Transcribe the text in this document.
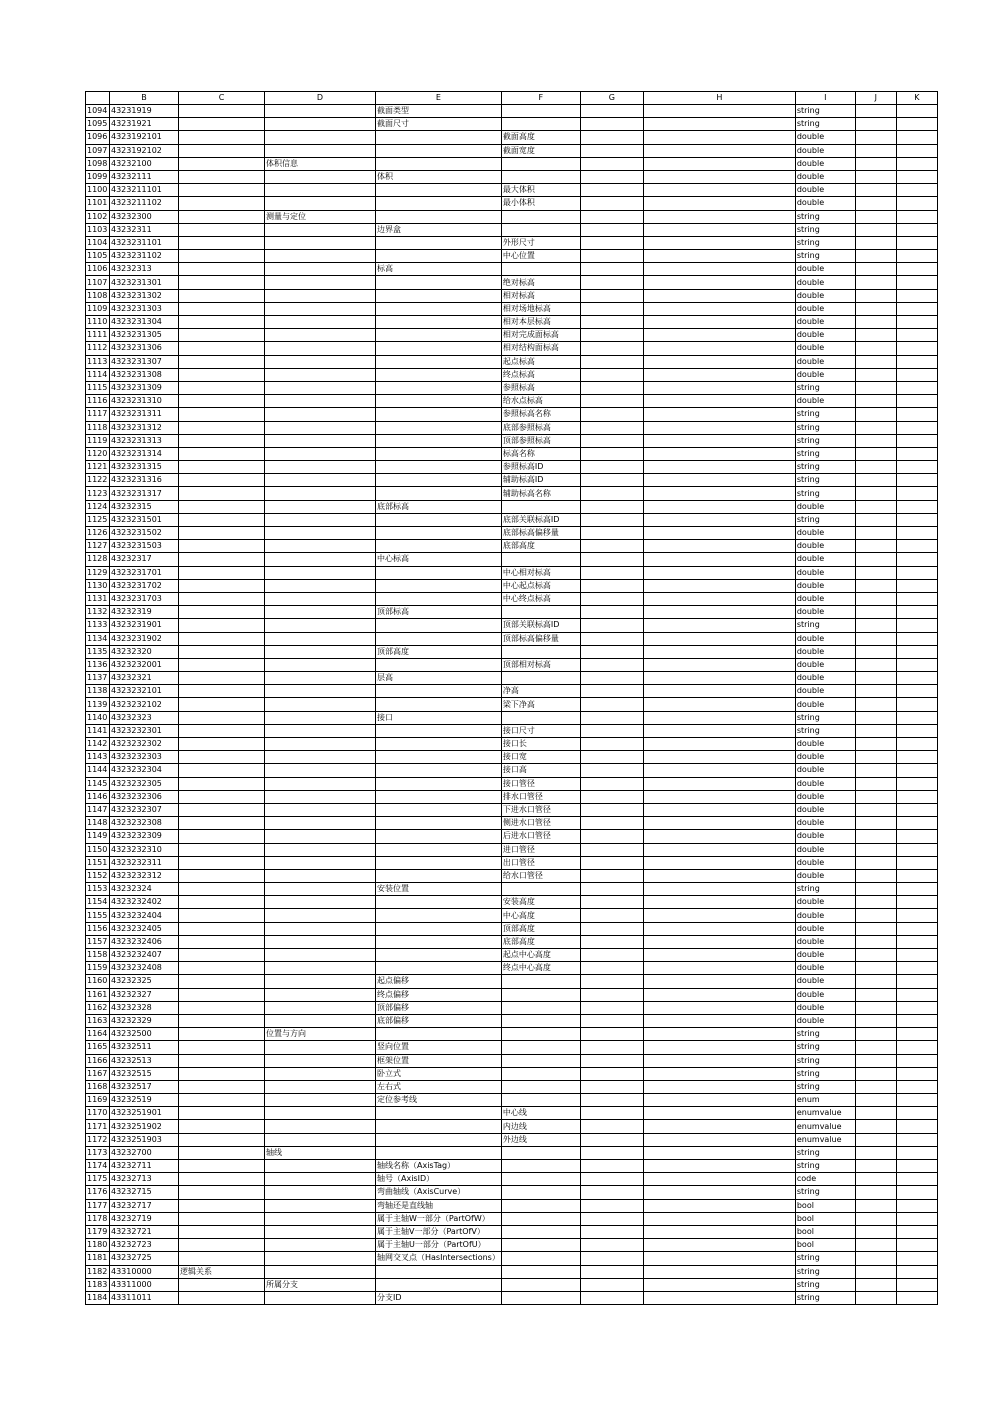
	B	C	D	E	F	G	H	I	J	K
1094	43231919			截面类型				string		
1095	43231921			截面尺寸				string		
1096	4323192101				截面高度			double		
1097	4323192102				截面宽度			double		
1098	43232100		体积信息					double		
1099	43232111			体积				double		
1100	4323211101				最大体积			double		
1101	4323211102				最小体积			double		
1102	43232300		测量与定位					string		
1103	43232311			边界盒				string		
1104	4323231101				外形尺寸			string		
1105	4323231102				中心位置			string		
1106	43232313			标高				double		
1107	4323231301				绝对标高			double		
1108	4323231302				相对标高			double		
1109	4323231303				相对场地标高			double		
1110	4323231304				相对本层标高			double		
1111	4323231305				相对完成面标高			double		
1112	4323231306				相对结构面标高			double		
1113	4323231307				起点标高			double		
1114	4323231308				终点标高			double		
1115	4323231309				参照标高			string		
1116	4323231310				给水点标高			double		
1117	4323231311				参照标高名称			string		
1118	4323231312				底部参照标高			string		
1119	4323231313				顶部参照标高			string		
1120	4323231314				标高名称			string		
1121	4323231315				参照标高ID			string		
1122	4323231316				辅助标高ID			string		
1123	4323231317				辅助标高名称			string		
1124	43232315			底部标高				double		
1125	4323231501				底部关联标高ID			string		
1126	4323231502				底部标高偏移量			double		
1127	4323231503				底部高度			double		
1128	43232317			中心标高				double		
1129	4323231701				中心相对标高			double		
1130	4323231702				中心起点标高			double		
1131	4323231703				中心终点标高			double		
1132	43232319			顶部标高				double		
1133	4323231901				顶部关联标高ID			string		
1134	4323231902				顶部标高偏移量			double		
1135	43232320			顶部高度				double		
1136	4323232001				顶部相对标高			double		
1137	43232321			层高				double		
1138	4323232101				净高			double		
1139	4323232102				梁下净高			double		
1140	43232323			接口				string		
1141	4323232301				接口尺寸			string		
1142	4323232302				接口长			double		
1143	4323232303				接口宽			double		
1144	4323232304				接口高			double		
1145	4323232305				接口管径			double		
1146	4323232306				排水口管径			double		
1147	4323232307				下进水口管径			double		
1148	4323232308				侧进水口管径			double		
1149	4323232309				后进水口管径			double		
1150	4323232310				进口管径			double		
1151	4323232311				出口管径			double		
1152	4323232312				给水口管径			double		
1153	43232324			安装位置				string		
1154	4323232402				安装高度			double		
1155	4323232404				中心高度			double		
1156	4323232405				顶部高度			double		
1157	4323232406				底部高度			double		
1158	4323232407				起点中心高度			double		
1159	4323232408				终点中心高度			double		
1160	43232325			起点偏移				double		
1161	43232327			终点偏移				double		
1162	43232328			顶部偏移				double		
1163	43232329			底部偏移				double		
1164	43232500		位置与方向					string		
1165	43232511			竖向位置				string		
1166	43232513			框架位置				string		
1167	43232515			卧立式				string		
1168	43232517			左右式				string		
1169	43232519			定位参考线				enum		
1170	4323251901				中心线			enumvalue		
1171	4323251902				内边线			enumvalue		
1172	4323251903				外边线			enumvalue		
1173	43232700		轴线					string		
1174	43232711			轴线名称（AxisTag）				string		
1175	43232713			轴号（AxisID）				code		
1176	43232715			弯曲轴线（AxisCurve）				string		
1177	43232717			弯轴还是直线轴				bool		
1178	43232719			属于主轴W一部分（PartOfW）				bool		
1179	43232721			属于主轴V一部分（PartOfV）				bool		
1180	43232723			属于主轴U一部分（PartOfU）				bool		
1181	43232725			轴网交叉点（HasIntersections）				string		
1182	43310000	逻辑关系						string		
1183	43311000		所属分支					string		
1184	43311011			分支ID				string		
